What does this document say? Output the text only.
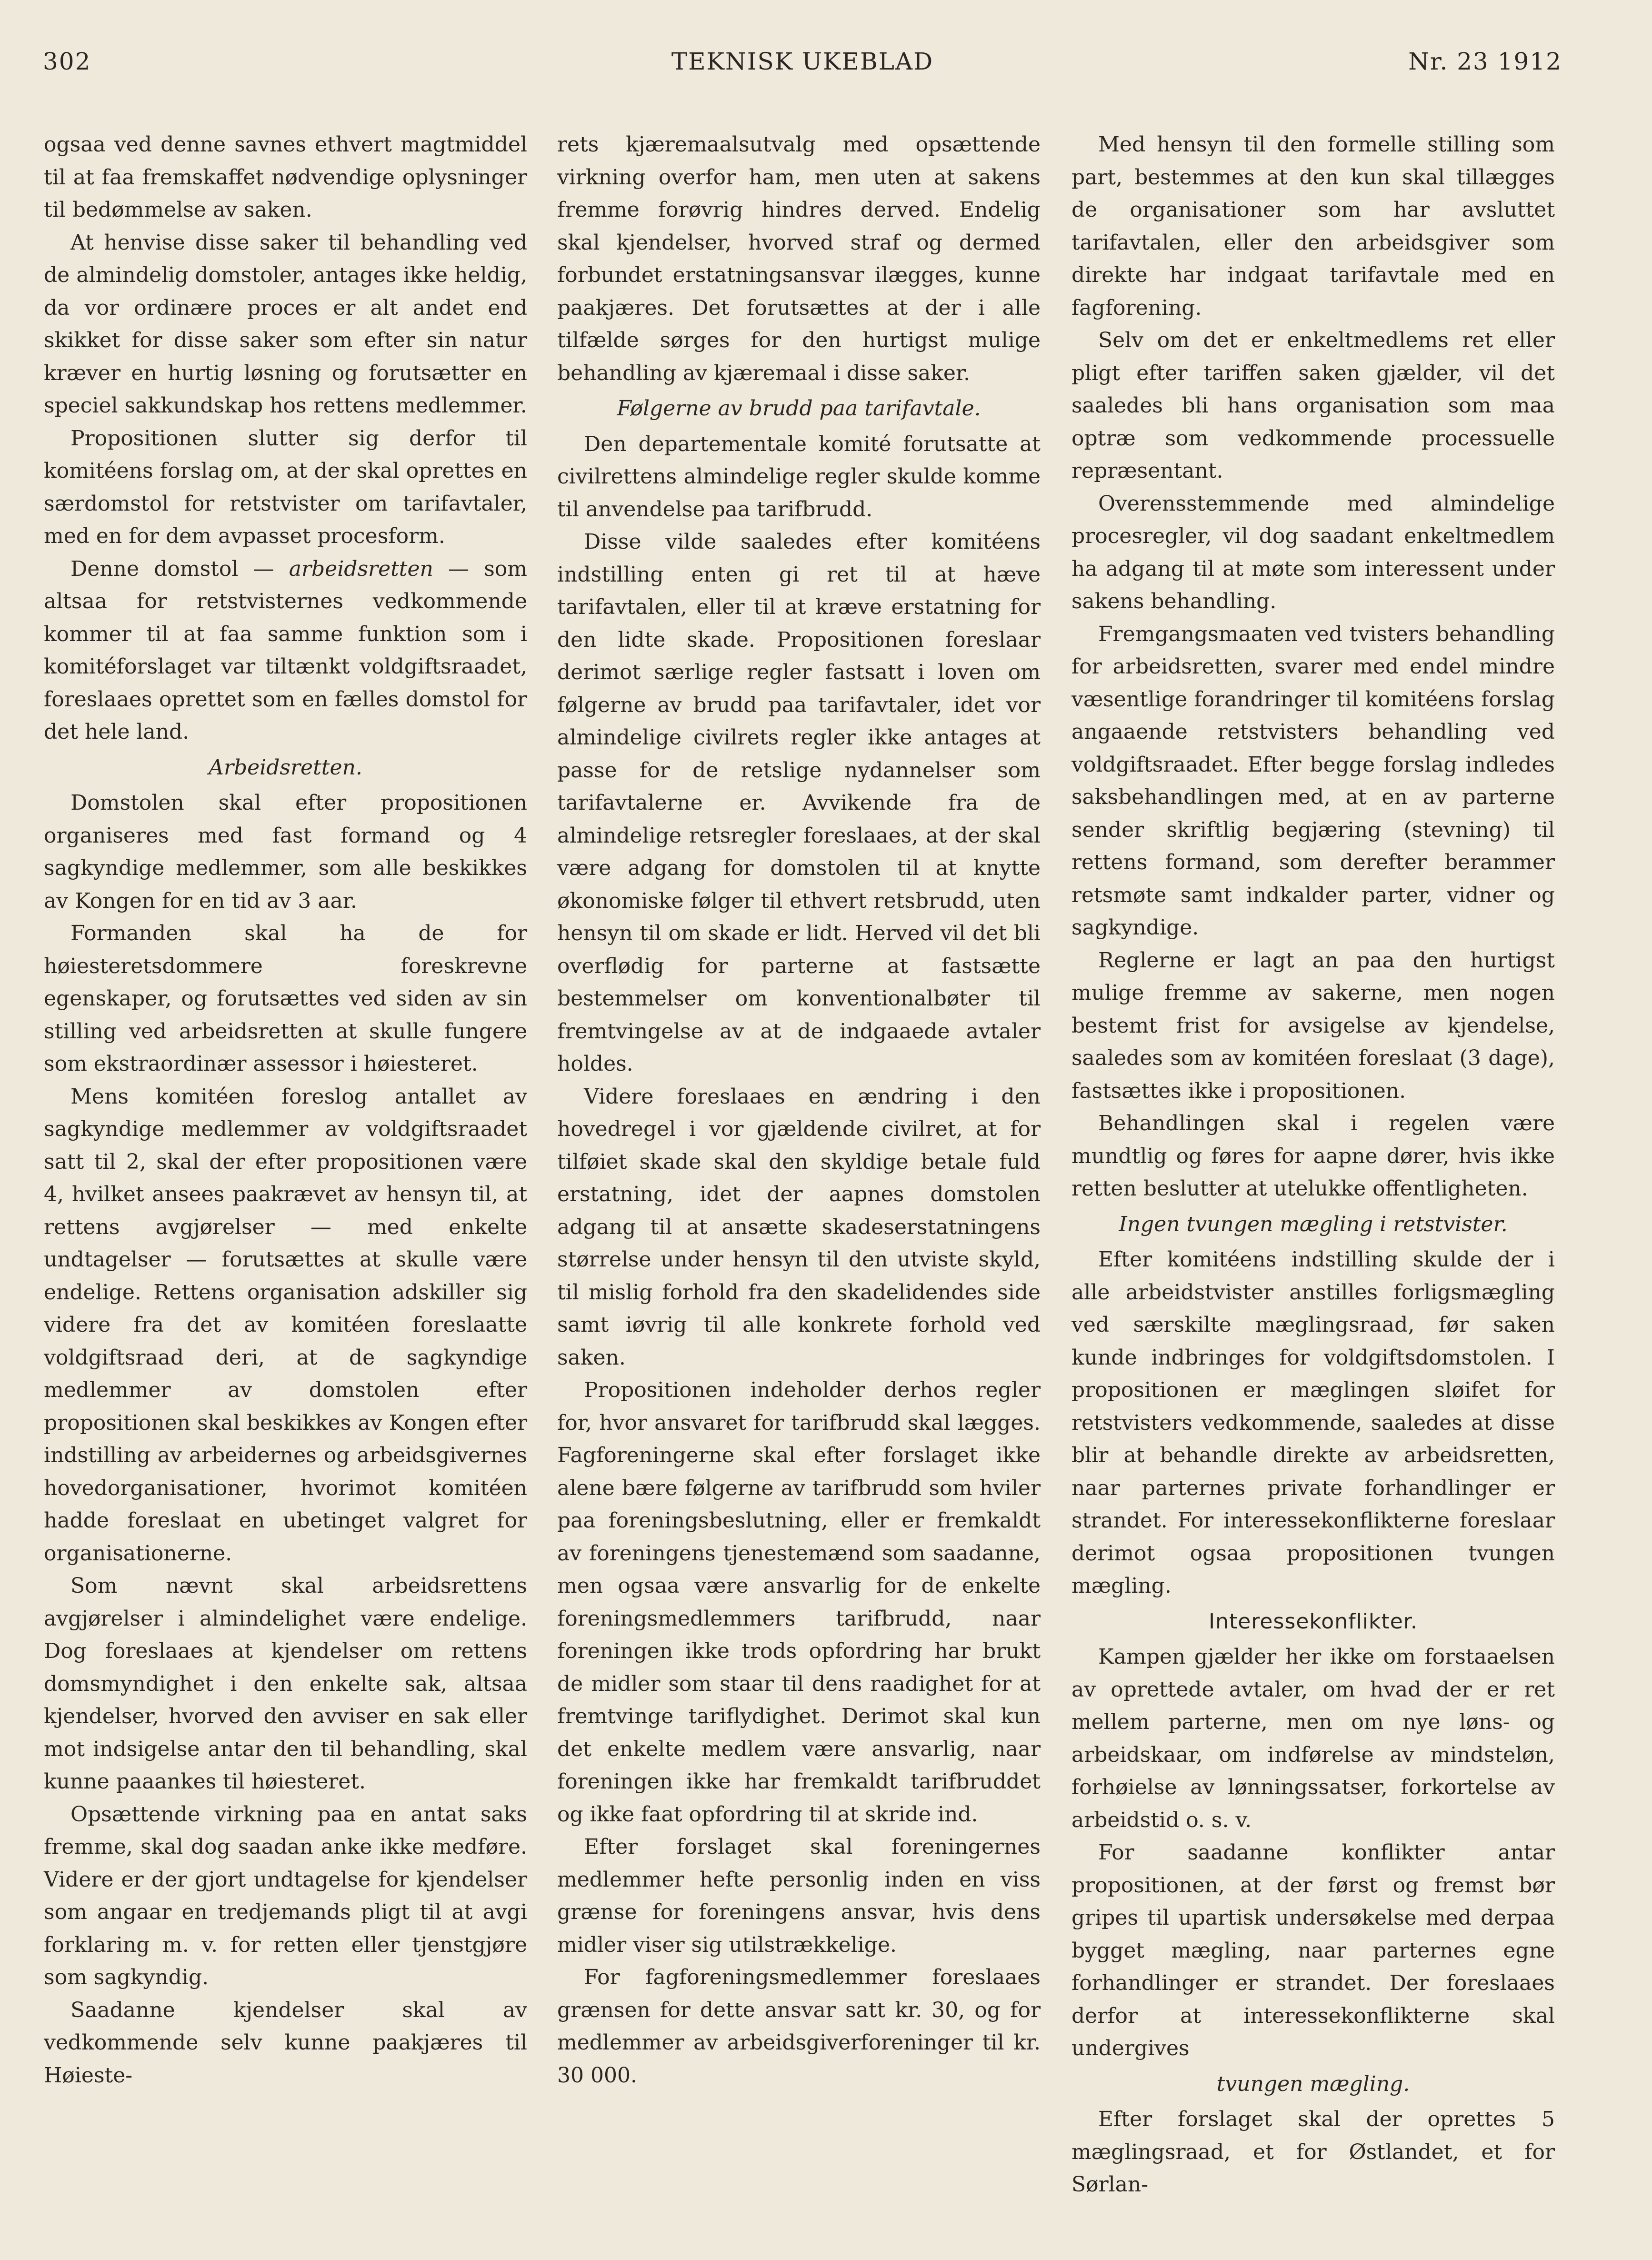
302	TEKNISK UKEBLAD	Nr. 23 1912

ogsaa ved denne savnes ethvert magtmiddel til at faa fremskaffet nødvendige oplysninger til bedømmelse av saken.

At henvise disse saker til behandling ved de almindelig domstoler, antages ikke heldig, da vor ordinære proces er alt andet end skikket for disse saker som efter sin natur kræver en hurtig løsning og forutsætter en speciel sakkundskap hos rettens medlemmer.

Propositionen slutter sig derfor til komitéens forslag om, at der skal oprettes en særdomstol for retstvister om tarifavtaler, med en for dem avpasset procesform.

Denne domstol — arbeidsretten — som altsaa for retstvisternes vedkommende kommer til at faa samme funktion som i komitéforslaget var tiltænkt voldgiftsraadet, foreslaaes oprettet som en fælles domstol for det hele land.

Arbeidsretten.

Domstolen skal efter propositionen organiseres med fast formand og 4 sagkyndige medlemmer, som alle beskikkes av Kongen for en tid av 3 aar.

Formanden skal ha de for høiesteretsdommere foreskrevne egenskaper, og forutsættes ved siden av sin stilling ved arbeidsretten at skulle fungere som ekstraordinær assessor i høiesteret.

Mens komitéen foreslog antallet av sagkyndige medlemmer av voldgiftsraadet satt til 2, skal der efter propositionen være 4, hvilket ansees paakrævet av hensyn til, at rettens avgjørelser — med enkelte undtagelser — forutsættes at skulle være endelige. Rettens organisation adskiller sig videre fra det av komitéen foreslaatte voldgiftsraad deri, at de sagkyndige medlemmer av domstolen efter propositionen skal beskikkes av Kongen efter indstilling av arbeidernes og arbeidsgivernes hovedorganisationer, hvorimot komitéen hadde foreslaat en ubetinget valgret for organisationerne.

Som nævnt skal arbeidsrettens avgjørelser i almindelighet være endelige. Dog foreslaaes at kjendelser om rettens domsmyndighet i den enkelte sak, altsaa kjendelser, hvorved den avviser en sak eller mot indsigelse antar den til behandling, skal kunne paaankes til høiesteret.

Opsættende virkning paa en antat saks fremme, skal dog saadan anke ikke medføre. Videre er der gjort undtagelse for kjendelser som angaar en tredjemands pligt til at avgi forklaring m. v. for retten eller tjenstgjøre som sagkyndig.

Saadanne kjendelser skal av vedkommende selv kunne paakjæres til Høieste-

rets kjæremaalsutvalg med opsættende virkning overfor ham, men uten at sakens fremme forøvrig hindres derved. Endelig skal kjendelser, hvorved straf og dermed forbundet erstatningsansvar ilægges, kunne paakjæres. Det forutsættes at der i alle tilfælde sørges for den hurtigst mulige behandling av kjæremaal i disse saker.

Følgerne av brudd paa tarifavtale.

Den departementale komité forutsatte at civilrettens almindelige regler skulde komme til anvendelse paa tarifbrudd.

Disse vilde saaledes efter komitéens indstilling enten gi ret til at hæve tarifavtalen, eller til at kræve erstatning for den lidte skade. Propositionen foreslaar derimot særlige regler fastsatt i loven om følgerne av brudd paa tarifavtaler, idet vor almindelige civilrets regler ikke antages at passe for de retslige nydannelser som tarifavtalerne er. Avvikende fra de almindelige retsregler foreslaaes, at der skal være adgang for domstolen til at knytte økonomiske følger til ethvert retsbrudd, uten hensyn til om skade er lidt. Herved vil det bli overflødig for parterne at fastsætte bestemmelser om konventionalbøter til fremtvingelse av at de indgaaede avtaler holdes.

Videre foreslaaes en ændring i den hovedregel i vor gjældende civilret, at for tilføiet skade skal den skyldige betale fuld erstatning, idet der aapnes domstolen adgang til at ansætte skadeserstatningens størrelse under hensyn til den utviste skyld, til mislig forhold fra den skadelidendes side samt iøvrig til alle konkrete forhold ved saken.

Propositionen indeholder derhos regler for, hvor ansvaret for tarifbrudd skal lægges. Fagforeningerne skal efter forslaget ikke alene bære følgerne av tarifbrudd som hviler paa foreningsbeslutning, eller er fremkaldt av foreningens tjenestemænd som saadanne, men ogsaa være ansvarlig for de enkelte foreningsmedlemmers tarifbrudd, naar foreningen ikke trods opfordring har brukt de midler som staar til dens raadighet for at fremtvinge tariflydighet. Derimot skal kun det enkelte medlem være ansvarlig, naar foreningen ikke har fremkaldt tarifbruddet og ikke faat opfordring til at skride ind.

Efter forslaget skal foreningernes medlemmer hefte personlig inden en viss grænse for foreningens ansvar, hvis dens midler viser sig utilstrækkelige.

For fagforeningsmedlemmer foreslaaes grænsen for dette ansvar satt kr. 30, og for medlemmer av arbeidsgiverforeninger til kr. 30 000.

Med hensyn til den formelle stilling som part, bestemmes at den kun skal tillægges de organisationer som har avsluttet tarifavtalen, eller den arbeidsgiver som direkte har indgaat tarifavtale med en fagforening.

Selv om det er enkeltmedlems ret eller pligt efter tariffen saken gjælder, vil det saaledes bli hans organisation som maa optræ som vedkommende processuelle repræsentant.

Overensstemmende med almindelige procesregler, vil dog saadant enkeltmedlem ha adgang til at møte som interessent under sakens behandling.

Fremgangsmaaten ved tvisters behandling for arbeidsretten, svarer med endel mindre væsentlige forandringer til komitéens forslag angaaende retstvisters behandling ved voldgiftsraadet. Efter begge forslag indledes saksbehandlingen med, at en av parterne sender skriftlig begjæring (stevning) til rettens formand, som derefter berammer retsmøte samt indkalder parter, vidner og sagkyndige.

Reglerne er lagt an paa den hurtigst mulige fremme av sakerne, men nogen bestemt frist for avsigelse av kjendelse, saaledes som av komitéen foreslaat (3 dage), fastsættes ikke i propositionen.

Behandlingen skal i regelen være mundtlig og føres for aapne dører, hvis ikke retten beslutter at utelukke offentligheten.

Ingen tvungen mægling i retstvister.

Efter komitéens indstilling skulde der i alle arbeidstvister anstilles forligsmægling ved særskilte mæglingsraad, før saken kunde indbringes for voldgiftsdomstolen. I propositionen er mæglingen sløifet for retstvisters vedkommende, saaledes at disse blir at behandle direkte av arbeidsretten, naar parternes private forhandlinger er strandet. For interessekonflikterne foreslaar derimot ogsaa propositionen tvungen mægling.

Interessekonflikter.

Kampen gjælder her ikke om forstaaelsen av oprettede avtaler, om hvad der er ret mellem parterne, men om nye løns- og arbeidskaar, om indførelse av mindsteløn, forhøielse av lønningssatser, forkortelse av arbeidstid o. s. v.

For saadanne konflikter antar propositionen, at der først og fremst bør gripes til upartisk undersøkelse med derpaa bygget mægling, naar parternes egne forhandlinger er strandet. Der foreslaaes derfor at interessekonflikterne skal undergives

tvungen mægling.

Efter forslaget skal der oprettes 5 mæglingsraad, et for Østlandet, et for Sørlan-
